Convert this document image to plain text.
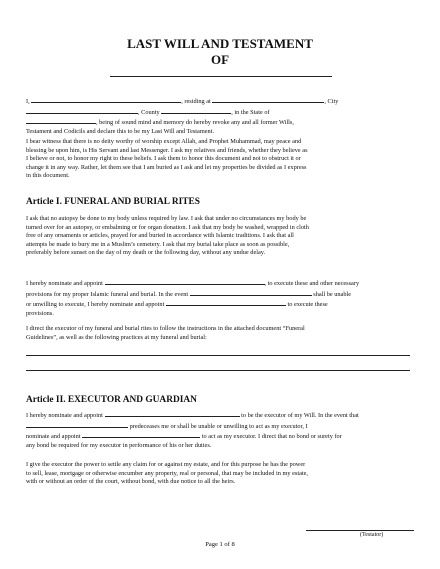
LAST WILL AND TESTAMENT
OF
I,	, residing at	, City
, County	, in the State of
, being of sound mind and memory do hereby revoke any and all former Wills,
Testament and Codicils and declare this to be my Last Will and Testament.
I bear witness that there is no deity worthy of worship except Allah, and Prophet Muhammad, may peace and
blessing be upon him, is His Servant and last Messenger. I ask my relatives and friends, whether they believe as
I believe or not, to honor my right to these beliefs. I ask them to honor this document and not to obstruct it or
change it in any way. Rather, let them see that I am buried as I ask and let my properties be divided as I express
in this document.
Article I. FUNERAL AND BURIAL RITES
I ask that no autopsy be done to my body unless required by law. I ask that under no circumstances my body be
turned over for an autopsy, or embalming or for organ donation. I ask that my body be washed, wrapped in cloth
free of any ornaments or articles, prayed for and buried in accordance with Islamic traditions. I ask that all
attempts be made to bury me in a Muslim’s cemetery. I ask that my burial take place as soon as possible,
preferably before sunset on the day of my death or the following day, without any undue delay.
I hereby nominate and appoint	, to execute these and other necessary
provisions for my proper Islamic funeral and burial. In the event	shall be unable
or unwilling to execute, I hereby nominate and appoint	to execute these
provisions.
I direct the executor of my funeral and burial rites to follow the instructions in the attached document “Funeral
Guidelines”, as well as the following practices at my funeral and burial:
Article II. EXECUTOR AND GUARDIAN
I hereby nominate and appoint	to be the executor of my Will. In the event that
predeceases me or shall be unable or unwilling to act as my executor, I
nominate and appoint	to act as my executor. I direct that no bond or surety for
any bond be required for my executor in performance of his or her duties.
I give the executor the power to settle any claim for or against my estate, and for this purpose he has the power
to sell, lease, mortgage or otherwise encumber any property, real or personal, that may be included in my estate,
with or without an order of the court, without bond, with due notice to all the heirs.
(Testator)
Page 1 of 8
